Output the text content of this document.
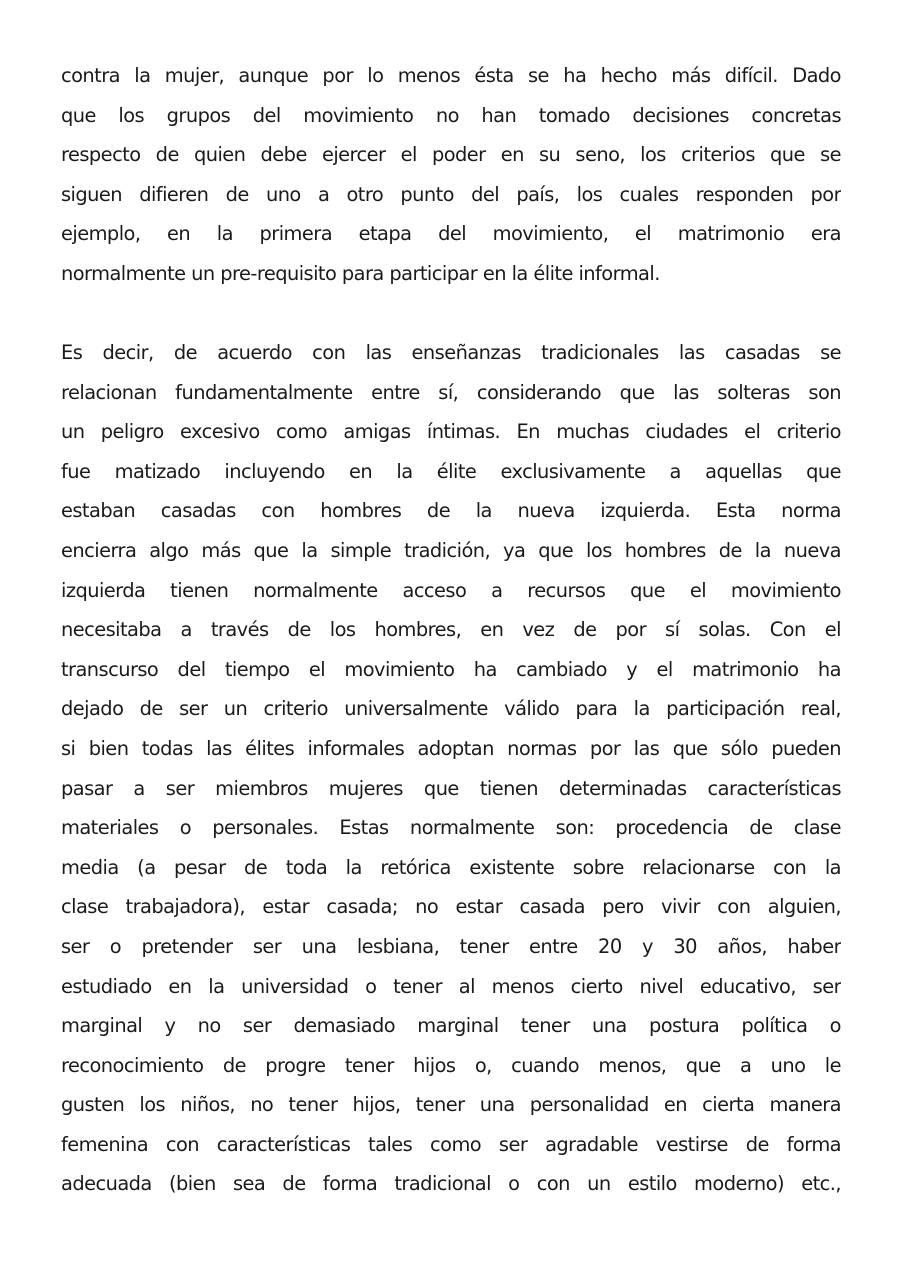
contra la mujer, aunque por lo menos ésta se ha hecho más difícil. Dado
que los grupos del movimiento no han tomado decisiones concretas
respecto de quien debe ejercer el poder en su seno, los criterios que se
siguen difieren de uno a otro punto del país, los cuales responden por
ejemplo, en la primera etapa del movimiento, el matrimonio era
normalmente un pre-requisito para participar en la élite informal.
Es decir, de acuerdo con las enseñanzas tradicionales las casadas se
relacionan fundamentalmente entre sí, considerando que las solteras son
un peligro excesivo como amigas íntimas. En muchas ciudades el criterio
fue matizado incluyendo en la élite exclusivamente a aquellas que
estaban casadas con hombres de la nueva izquierda. Esta norma
encierra algo más que la simple tradición, ya que los hombres de la nueva
izquierda tienen normalmente acceso a recursos que el movimiento
necesitaba a través de los hombres, en vez de por sí solas. Con el
transcurso del tiempo el movimiento ha cambiado y el matrimonio ha
dejado de ser un criterio universalmente válido para la participación real,
si bien todas las élites informales adoptan normas por las que sólo pueden
pasar a ser miembros mujeres que tienen determinadas características
materiales o personales. Estas normalmente son: procedencia de clase
media (a pesar de toda la retórica existente sobre relacionarse con la
clase trabajadora), estar casada; no estar casada pero vivir con alguien,
ser o pretender ser una lesbiana, tener entre 20 y 30 años, haber
estudiado en la universidad o tener al menos cierto nivel educativo, ser
marginal y no ser demasiado marginal tener una postura política o
reconocimiento de progre tener hijos o, cuando menos, que a uno le
gusten los niños, no tener hijos, tener una personalidad en cierta manera
femenina con características tales como ser agradable vestirse de forma
adecuada (bien sea de forma tradicional o con un estilo moderno) etc.,
